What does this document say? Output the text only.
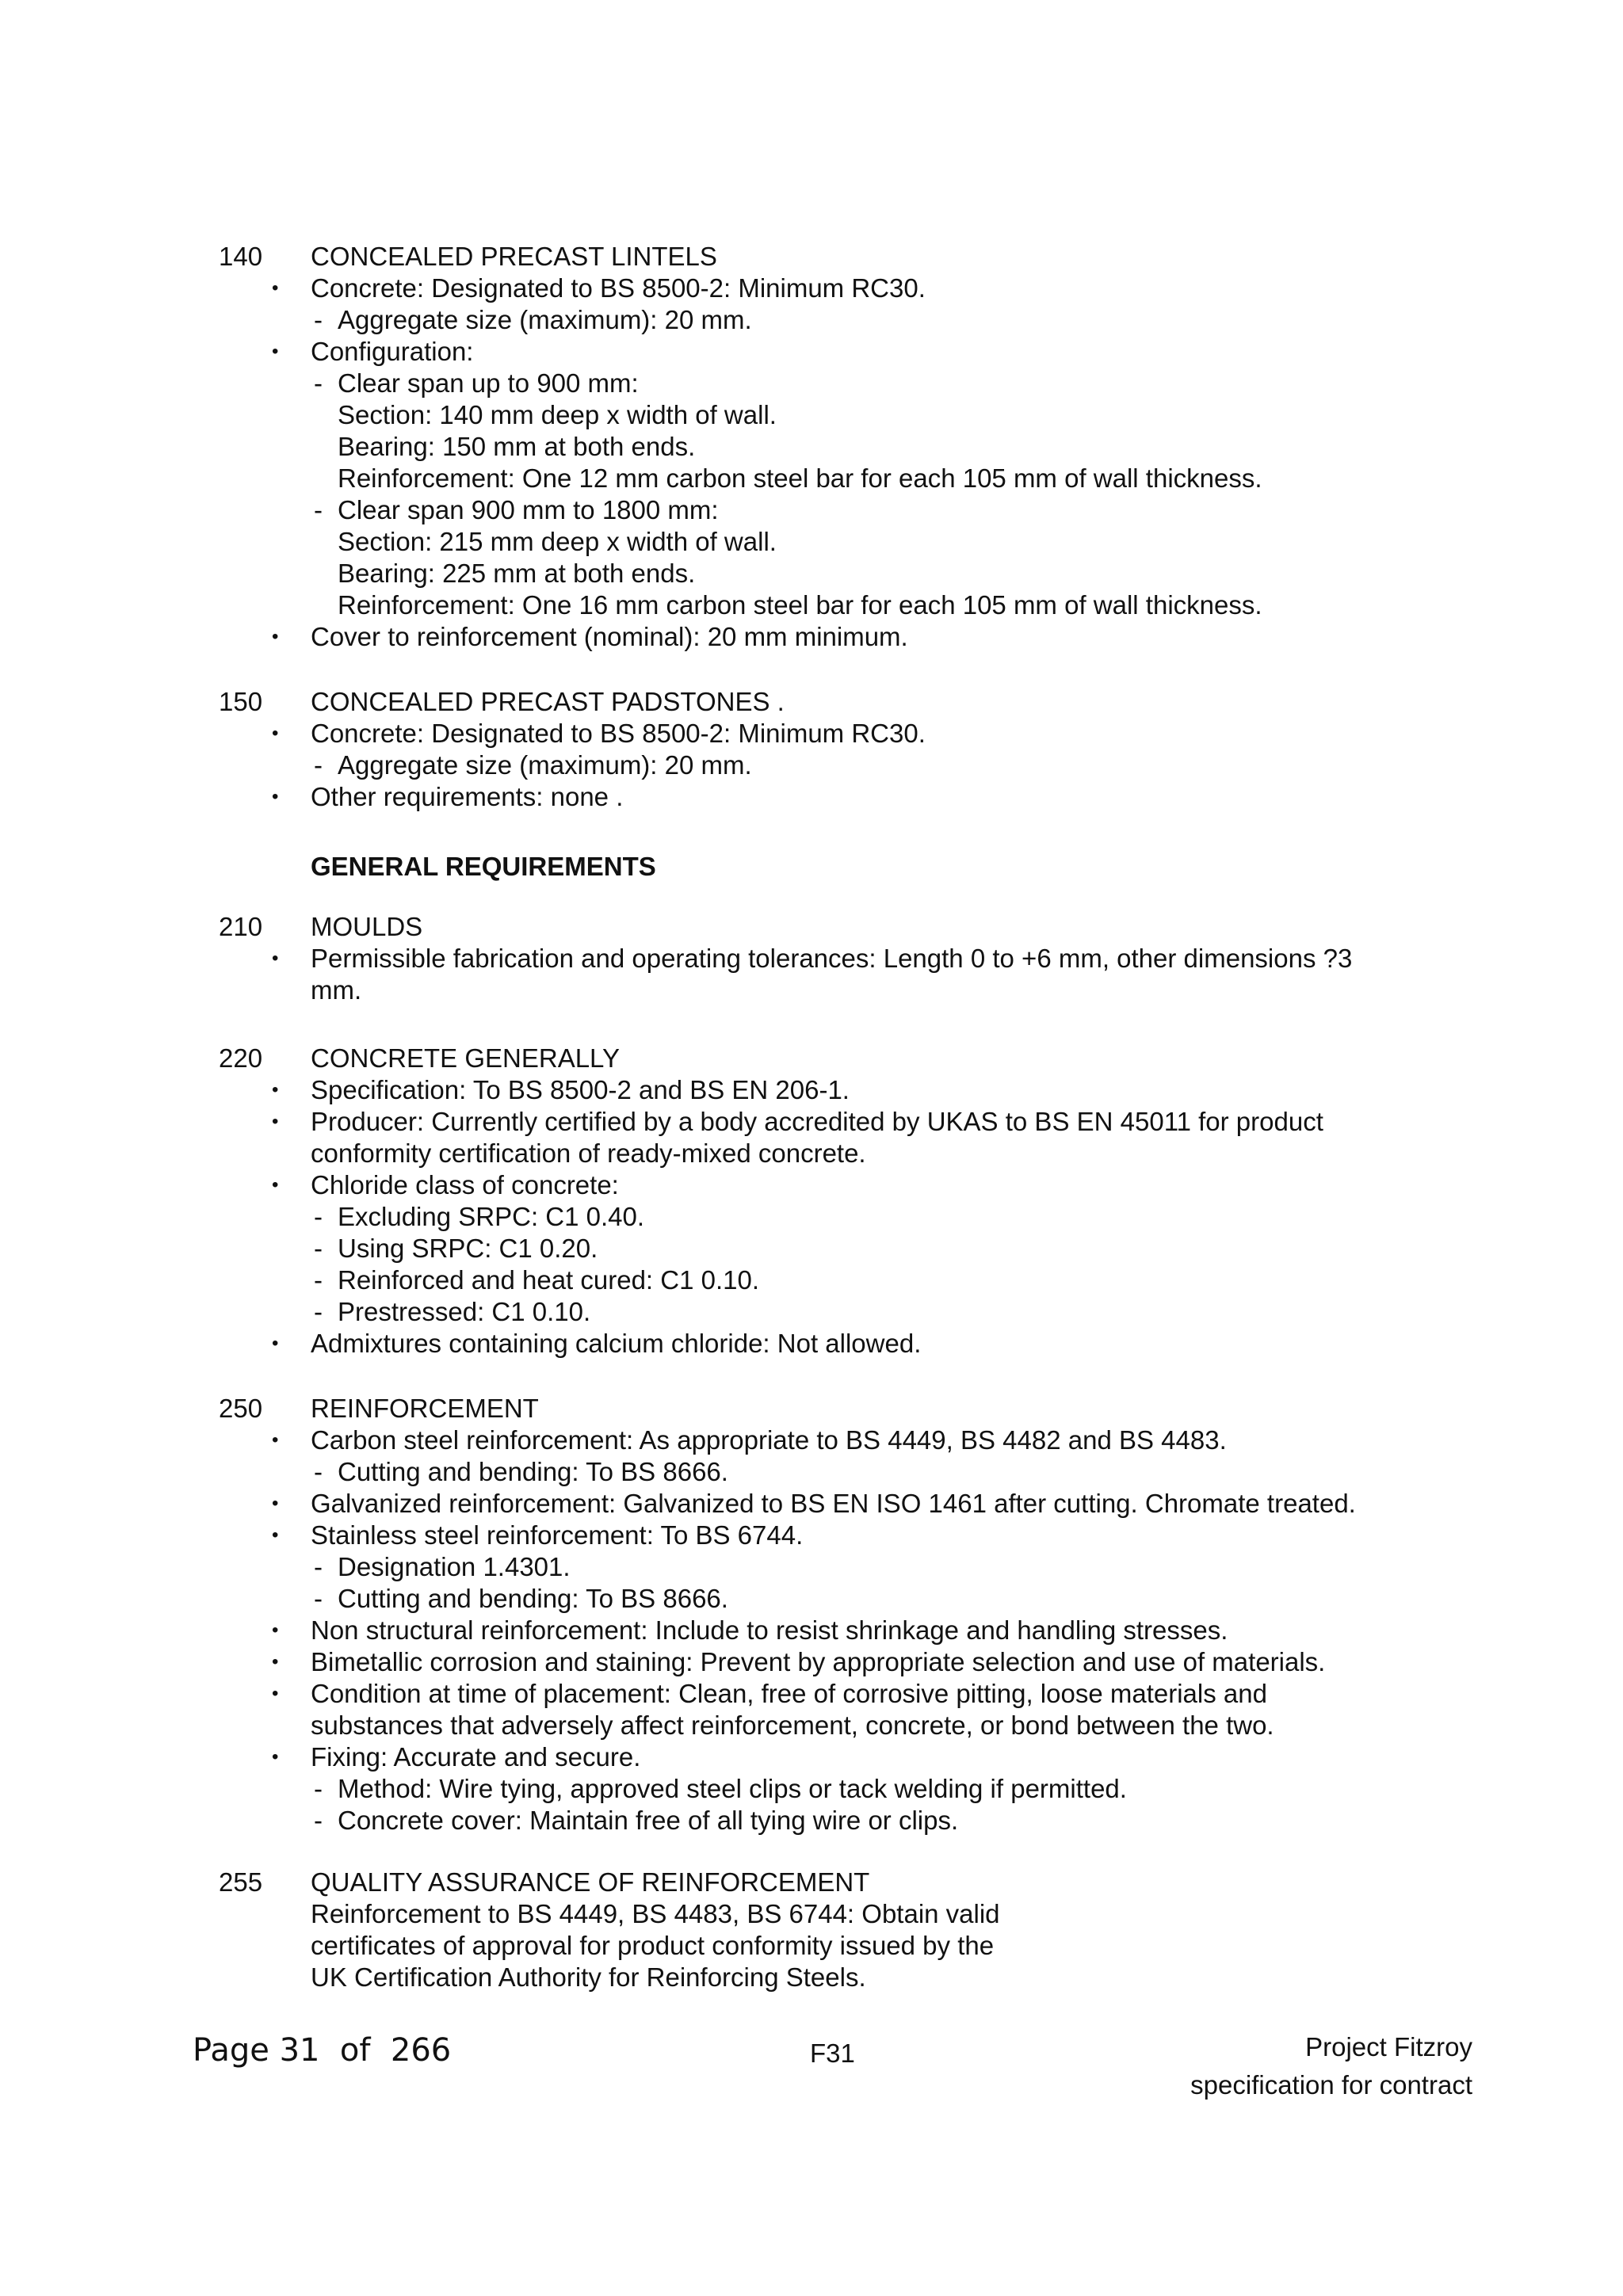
140 CONCEALED PRECAST LINTELS
• Concrete: Designated to BS 8500-2: Minimum RC30.
- Aggregate size (maximum): 20 mm.
• Configuration:
- Clear span up to 900 mm:
Section: 140 mm deep x width of wall.
Bearing: 150 mm at both ends.
Reinforcement: One 12 mm carbon steel bar for each 105 mm of wall thickness.
- Clear span 900 mm to 1800 mm:
Section: 215 mm deep x width of wall.
Bearing: 225 mm at both ends.
Reinforcement: One 16 mm carbon steel bar for each 105 mm of wall thickness.
• Cover to reinforcement (nominal): 20 mm minimum.
150 CONCEALED PRECAST PADSTONES .
• Concrete: Designated to BS 8500-2: Minimum RC30.
- Aggregate size (maximum): 20 mm.
• Other requirements: none .
GENERAL REQUIREMENTS
210 MOULDS
• Permissible fabrication and operating tolerances: Length 0 to +6 mm, other dimensions ?3
mm.
220 CONCRETE GENERALLY
• Specification: To BS 8500-2 and BS EN 206-1.
• Producer: Currently certified by a body accredited by UKAS to BS EN 45011 for product
conformity certification of ready-mixed concrete.
• Chloride class of concrete:
- Excluding SRPC: C1 0.40.
- Using SRPC: C1 0.20.
- Reinforced and heat cured: C1 0.10.
- Prestressed: C1 0.10.
• Admixtures containing calcium chloride: Not allowed.
250 REINFORCEMENT
• Carbon steel reinforcement: As appropriate to BS 4449, BS 4482 and BS 4483.
- Cutting and bending: To BS 8666.
• Galvanized reinforcement: Galvanized to BS EN ISO 1461 after cutting. Chromate treated.
• Stainless steel reinforcement: To BS 6744.
- Designation 1.4301.
- Cutting and bending: To BS 8666.
• Non structural reinforcement: Include to resist shrinkage and handling stresses.
• Bimetallic corrosion and staining: Prevent by appropriate selection and use of materials.
• Condition at time of placement: Clean, free of corrosive pitting, loose materials and
substances that adversely affect reinforcement, concrete, or bond between the two.
• Fixing: Accurate and secure.
- Method: Wire tying, approved steel clips or tack welding if permitted.
- Concrete cover: Maintain free of all tying wire or clips.
255 QUALITY ASSURANCE OF REINFORCEMENT
Reinforcement to BS 4449, BS 4483, BS 6744: Obtain valid
certificates of approval for product conformity issued by the
UK Certification Authority for Reinforcing Steels.
Page 31 of 266	F31	Project Fitzroy
specification for contract
